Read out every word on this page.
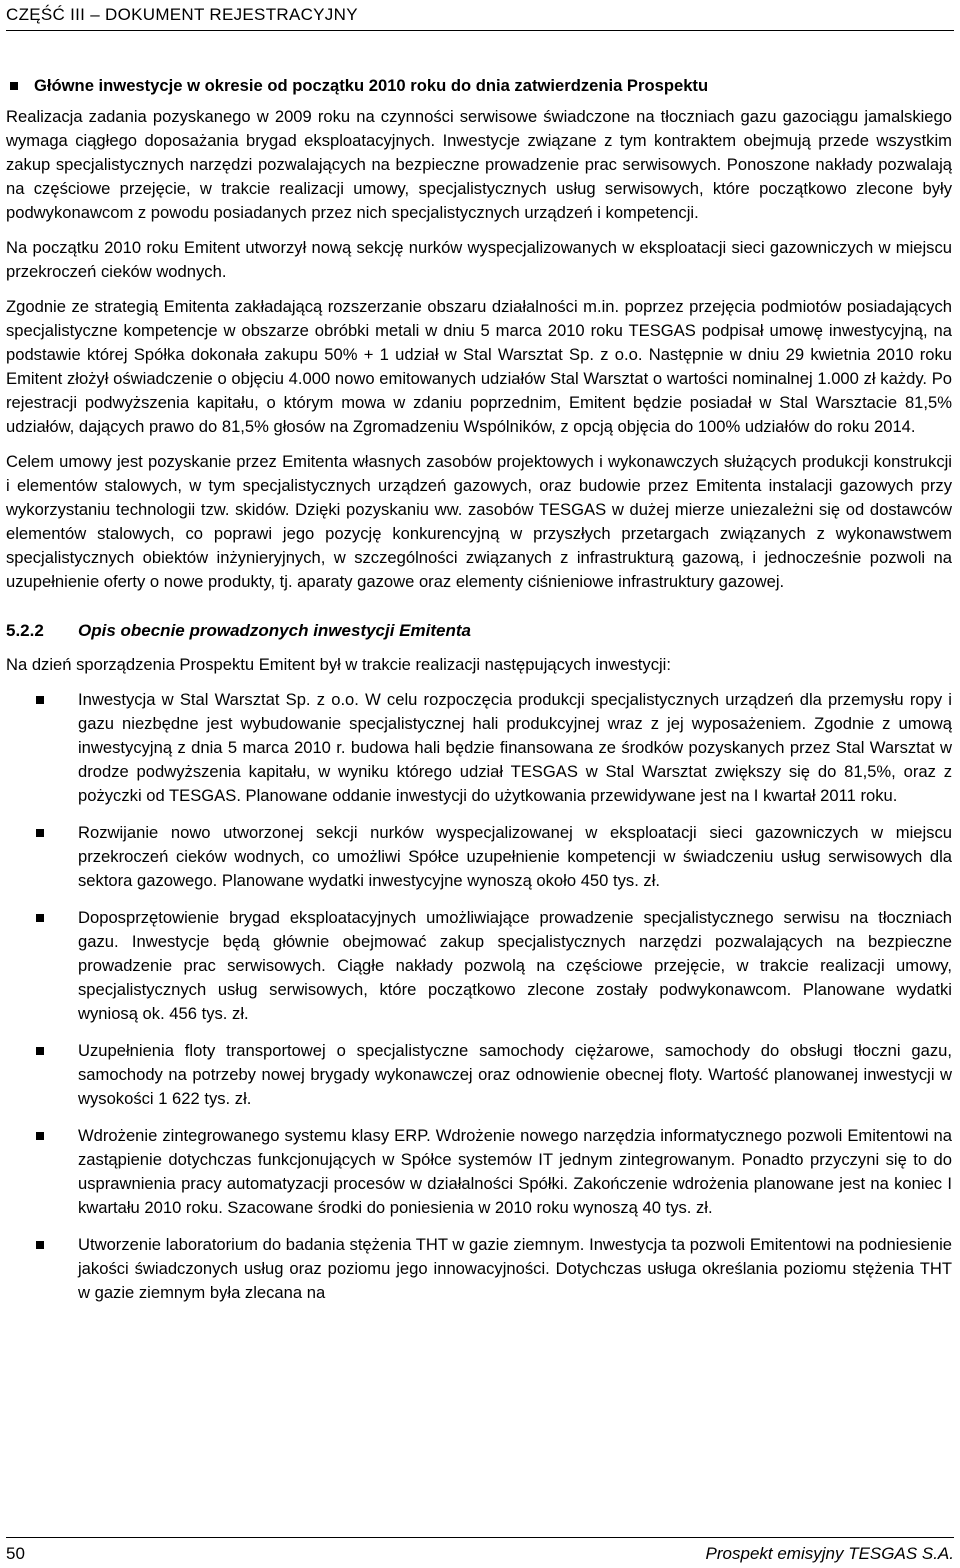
CZĘŚĆ III – DOKUMENT REJESTRACYJNY
Główne inwestycje w okresie od początku 2010 roku do dnia zatwierdzenia Prospektu

Realizacja zadania pozyskanego w 2009 roku na czynności serwisowe świadczone na tłoczniach gazu gazociągu jamalskiego wymaga ciągłego doposażania brygad eksploatacyjnych. Inwestycje związane z tym kontraktem obejmują przede wszystkim zakup specjalistycznych narzędzi pozwalających na bezpieczne prowadzenie prac serwisowych. Ponoszone nakłady pozwalają na częściowe przejęcie, w trakcie realizacji umowy, specjalistycznych usług serwisowych, które początkowo zlecone były podwykonawcom z powodu posiadanych przez nich specjalistycznych urządzeń i kompetencji.

Na początku 2010 roku Emitent utworzył nową sekcję nurków wyspecjalizowanych w eksploatacji sieci gazowniczych w miejscu przekroczeń cieków wodnych.

Zgodnie ze strategią Emitenta zakładającą rozszerzanie obszaru działalności m.in. poprzez przejęcia podmiotów posiadających specjalistyczne kompetencje w obszarze obróbki metali w dniu 5 marca 2010 roku TESGAS podpisał umowę inwestycyjną, na podstawie której Spółka dokonała zakupu 50% + 1 udział w Stal Warsztat Sp. z o.o. Następnie w dniu 29 kwietnia 2010 roku Emitent złożył oświadczenie o objęciu 4.000 nowo emitowanych udziałów Stal Warsztat o wartości nominalnej 1.000 zł każdy. Po rejestracji podwyższenia kapitału, o którym mowa w zdaniu poprzednim, Emitent będzie posiadał w Stal Warsztacie 81,5% udziałów, dających prawo do 81,5% głosów na Zgromadzeniu Wspólników, z opcją objęcia do 100% udziałów do roku 2014.

Celem umowy jest pozyskanie przez Emitenta własnych zasobów projektowych i wykonawczych służących produkcji konstrukcji i elementów stalowych, w tym specjalistycznych urządzeń gazowych, oraz budowie przez Emitenta instalacji gazowych przy wykorzystaniu technologii tzw. skidów. Dzięki pozyskaniu ww. zasobów TESGAS w dużej mierze uniezależni się od dostawców elementów stalowych, co poprawi jego pozycję konkurencyjną w przyszłych przetargach związanych z wykonawstwem specjalistycznych obiektów inżynieryjnych, w szczególności związanych z infrastrukturą gazową, i jednocześnie pozwoli na uzupełnienie oferty o nowe produkty, tj. aparaty gazowe oraz elementy ciśnieniowe infrastruktury gazowej.

5.2.2 Opis obecnie prowadzonych inwestycji Emitenta

Na dzień sporządzenia Prospektu Emitent był w trakcie realizacji następujących inwestycji:

Inwestycja w Stal Warsztat Sp. z o.o. W celu rozpoczęcia produkcji specjalistycznych urządzeń dla przemysłu ropy i gazu niezbędne jest wybudowanie specjalistycznej hali produkcyjnej wraz z jej wyposażeniem. Zgodnie z umową inwestycyjną z dnia 5 marca 2010 r. budowa hali będzie finansowana ze środków pozyskanych przez Stal Warsztat w drodze podwyższenia kapitału, w wyniku którego udział TESGAS w Stal Warsztat zwiększy się do 81,5%, oraz z pożyczki od TESGAS. Planowane oddanie inwestycji do użytkowania przewidywane jest na I kwartał 2011 roku.
Rozwijanie nowo utworzonej sekcji nurków wyspecjalizowanej w eksploatacji sieci gazowniczych w miejscu przekroczeń cieków wodnych, co umożliwi Spółce uzupełnienie kompetencji w świadczeniu usług serwisowych dla sektora gazowego. Planowane wydatki inwestycyjne wynoszą około 450 tys. zł.
Doposprzętowienie brygad eksploatacyjnych umożliwiające prowadzenie specjalistycznego serwisu na tłoczniach gazu. Inwestycje będą głównie obejmować zakup specjalistycznych narzędzi pozwalających na bezpieczne prowadzenie prac serwisowych. Ciągłe nakłady pozwolą na częściowe przejęcie, w trakcie realizacji umowy, specjalistycznych usług serwisowych, które początkowo zlecone zostały podwykonawcom. Planowane wydatki wyniosą ok. 456 tys. zł.
Uzupełnienia floty transportowej o specjalistyczne samochody ciężarowe, samochody do obsługi tłoczni gazu, samochody na potrzeby nowej brygady wykonawczej oraz odnowienie obecnej floty. Wartość planowanej inwestycji w wysokości 1 622 tys. zł.
Wdrożenie zintegrowanego systemu klasy ERP. Wdrożenie nowego narzędzia informatycznego pozwoli Emitentowi na zastąpienie dotychczas funkcjonujących w Spółce systemów IT jednym zintegrowanym. Ponadto przyczyni się to do usprawnienia pracy automatyzacji procesów w działalności Spółki. Zakończenie wdrożenia planowane jest na koniec I kwartału 2010 roku. Szacowane środki do poniesienia w 2010 roku wynoszą 40 tys. zł.
Utworzenie laboratorium do badania stężenia THT w gazie ziemnym. Inwestycja ta pozwoli Emitentowi na podniesienie jakości świadczonych usług oraz poziomu jego innowacyjności. Dotychczas usługa określania poziomu stężenia THT w gazie ziemnym była zlecana na
50	Prospekt emisyjny TESGAS S.A.
